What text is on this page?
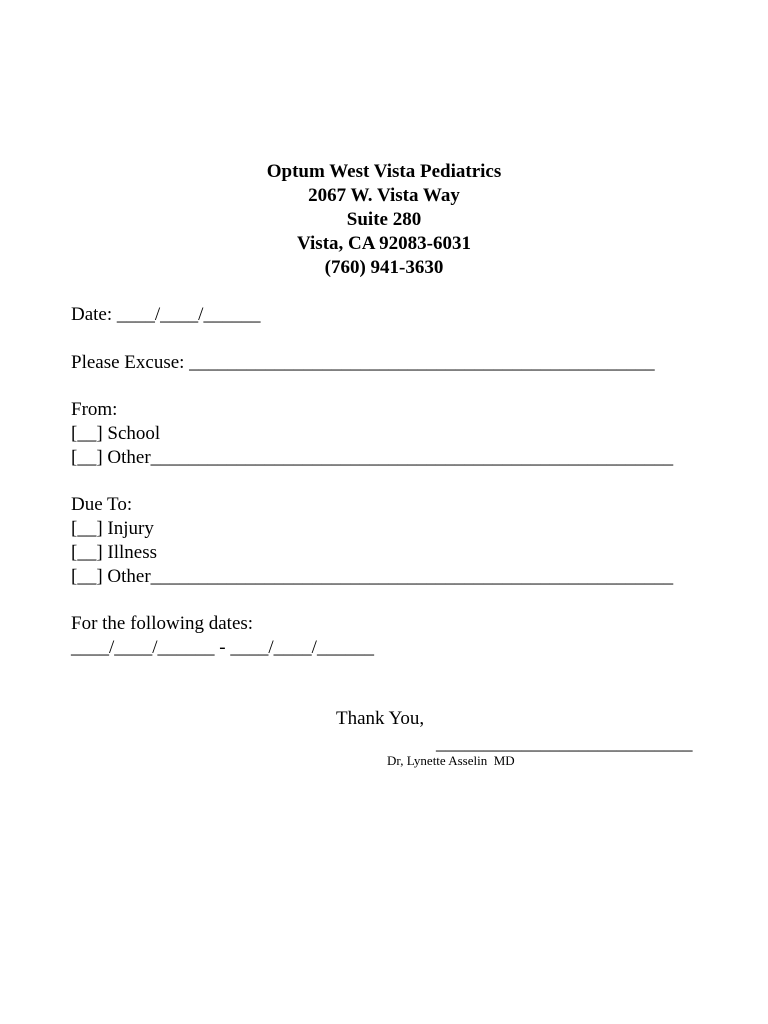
Optum West Vista Pediatrics
2067 W. Vista Way
Suite 280
Vista, CA 92083-6031
(760) 941-3630
Date: ____/____/______
Please Excuse: _________________________________________________
From:
[__] School
[__] Other_______________________________________________________
Due To:
[__] Injury
[__] Illness
[__] Other_______________________________________________________
For the following dates:
____/____/______ - ____/____/______
Thank You,
___________________________
Dr, Lynette Asselin  MD
